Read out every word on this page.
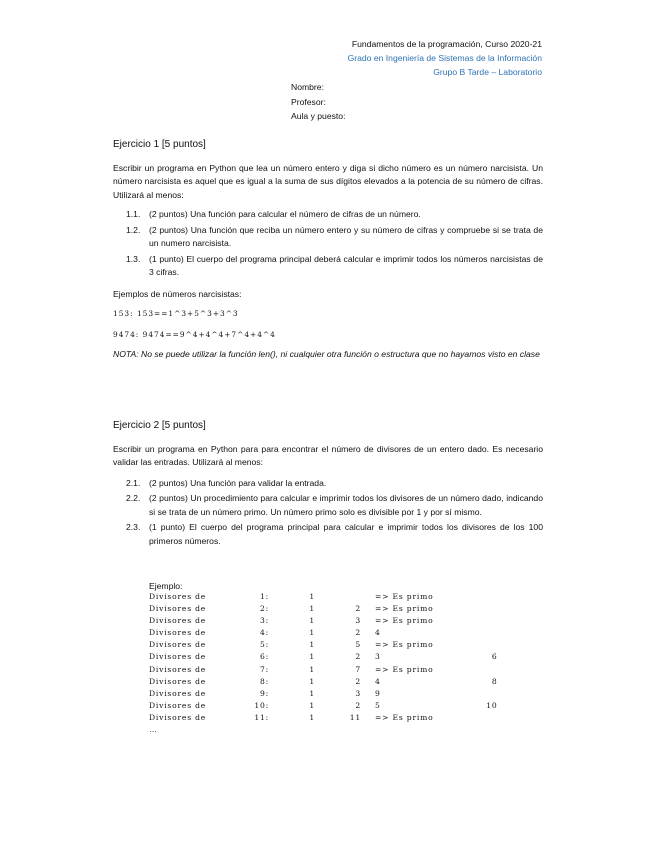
Fundamentos de la programación, Curso 2020-21
Grado en Ingeniería de Sistemas de la Información
Grupo B Tarde – Laboratorio
Nombre:
Profesor:
Aula y puesto:
Ejercicio 1 [5 puntos]

Escribir un programa en Python que lea un número entero y diga si dicho número es un número narcisista. Un número narcisista es aquel que es igual a la suma de sus dígitos elevados a la potencia de su número de cifras. Utilizará al menos:

1.1. (2 puntos) Una función para calcular el número de cifras de un número.
1.2. (2 puntos) Una función que reciba un número entero y su número de cifras y compruebe si se trata de un numero narcisista.
1.3. (1 punto) El cuerpo del programa principal deberá calcular e imprimir todos los números narcisistas de 3 cifras.

Ejemplos de números narcisistas:

153: 153==1^3+5^3+3^3

9474: 9474==9^4+4^4+7^4+4^4

NOTA: No se puede utilizar la función len(), ni cualquier otra función o estructura que no hayamos visto en clase

Ejercicio 2 [5 puntos]

Escribir un programa en Python para para encontrar el número de divisores de un entero dado. Es necesario validar las entradas. Utilizará al menos:

2.1. (2 puntos) Una función para validar la entrada.
2.2. (2 puntos) Un procedimiento para calcular e imprimir todos los divisores de un número dado, indicando si se trata de un número primo. Un número primo solo es divisible por 1 y por sí mismo.
2.3. (1 punto) El cuerpo del programa principal para calcular e imprimir todos los divisores de los 100 primeros números.
Ejemplo:
Divisores de	1:	1		=> Es primo		
Divisores de	2:	1	2	=> Es primo		
Divisores de	3:	1	3	=> Es primo		
Divisores de	4:	1	2	4		
Divisores de	5:	1	5	=> Es primo		
Divisores de	6:	1	2	3	6	
Divisores de	7:	1	7	=> Es primo		
Divisores de	8:	1	2	4	8	
Divisores de	9:	1	3	9		
Divisores de	10:	1	2	5	10	
Divisores de	11:	1	11	=> Es primo		
…
